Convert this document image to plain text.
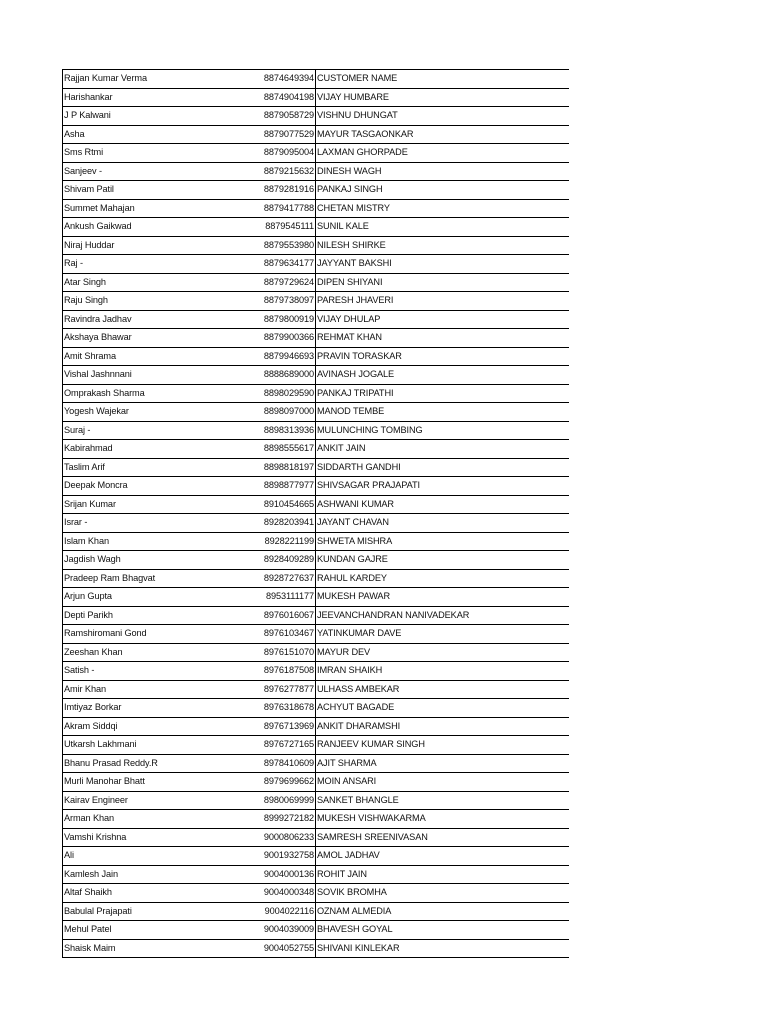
Rajjan Kumar Verma	8874649394	CUSTOMER NAME
Harishankar	8874904198	VIJAY HUMBARE
J P Kalwani	8879058729	VISHNU DHUNGAT
Asha	8879077529	MAYUR TASGAONKAR
Sms Rtmi	8879095004	LAXMAN GHORPADE
Sanjeev -	8879215632	DINESH WAGH
Shivam Patil	8879281916	PANKAJ SINGH
Summet Mahajan	8879417788	CHETAN MISTRY
Ankush Gaikwad	8879545111	SUNIL KALE
Niraj Huddar	8879553980	NILESH SHIRKE
Raj -	8879634177	JAYYANT BAKSHI
Atar Singh	8879729624	DIPEN SHIYANI
Raju Singh	8879738097	PARESH JHAVERI
Ravindra Jadhav	8879800919	VIJAY DHULAP
Akshaya Bhawar	8879900366	REHMAT KHAN
Amit Shrama	8879946693	PRAVIN TORASKAR
Vishal Jashnnani	8888689000	AVINASH JOGALE
Omprakash Sharma	8898029590	PANKAJ TRIPATHI
Yogesh Wajekar	8898097000	MANOD TEMBE
Suraj -	8898313936	MULUNCHING TOMBING
Kabirahmad	8898555617	ANKIT JAIN
Taslim Arif	8898818197	SIDDARTH GANDHI
Deepak Moncra	8898877977	SHIVSAGAR PRAJAPATI
Srijan Kumar	8910454665	ASHWANI KUMAR
Israr -	8928203941	JAYANT CHAVAN
Islam Khan	8928221199	SHWETA MISHRA
Jagdish Wagh	8928409289	KUNDAN GAJRE
Pradeep Ram Bhagvat	8928727637	RAHUL KARDEY
Arjun Gupta	8953111177	MUKESH PAWAR
Depti Parikh	8976016067	JEEVANCHANDRAN NANIVADEKAR
Ramshiromani Gond	8976103467	YATINKUMAR DAVE
Zeeshan Khan	8976151070	MAYUR DEV
Satish -	8976187508	IMRAN SHAIKH
Amir Khan	8976277877	ULHASS AMBEKAR
Imtiyaz Borkar	8976318678	ACHYUT BAGADE
Akram Siddqi	8976713969	ANKIT DHARAMSHI
Utkarsh Lakhmani	8976727165	RANJEEV KUMAR SINGH
Bhanu Prasad Reddy.R	8978410609	AJIT SHARMA
Murli Manohar Bhatt	8979699662	MOIN ANSARI
Kairav Engineer	8980069999	SANKET BHANGLE
Arman Khan	8999272182	MUKESH VISHWAKARMA
Vamshi Krishna	9000806233	SAMRESH SREENIVASAN
Ali	9001932758	AMOL JADHAV
Kamlesh Jain	9004000136	ROHIT JAIN
Altaf Shaikh	9004000348	SOVIK BROMHA
Babulal Prajapati	9004022116	OZNAM ALMEDIA
Mehul Patel	9004039009	BHAVESH GOYAL
Shaisk Maim	9004052755	SHIVANI KINLEKAR
